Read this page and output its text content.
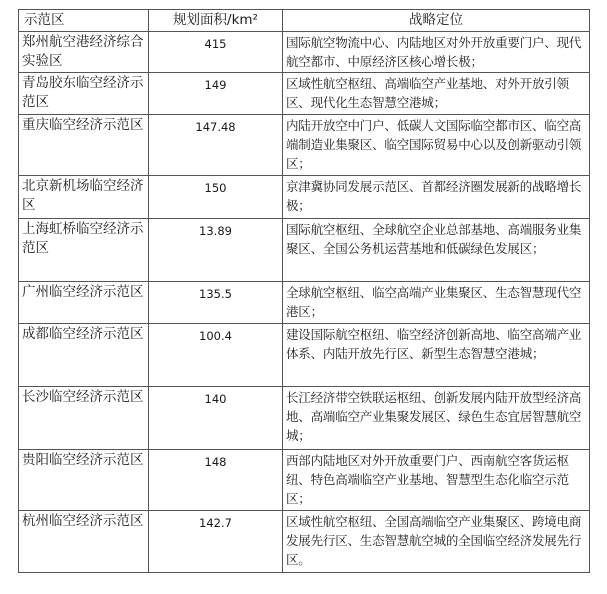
示范区	规划面积/km²	战略定位
郑州航空港经济综合实验区	415	国际航空物流中心、内陆地区对外开放重要门户、现代航空都市、中原经济区核心增长极；
青岛胶东临空经济示范区	149	区域性航空枢纽、高端临空产业基地、对外开放引领区、现代化生态智慧空港城；
重庆临空经济示范区	147.48	内陆开放空中门户、低碳人文国际临空都市区、临空高端制造业集聚区、临空国际贸易中心以及创新驱动引领区；
北京新机场临空经济区	150	京津冀协同发展示范区、首都经济圈发展新的战略增长极；
上海虹桥临空经济示范区	13.89	国际航空枢纽、全球航空企业总部基地、高端服务业集聚区、全国公务机运营基地和低碳绿色发展区；
广州临空经济示范区	135.5	全球航空枢纽、临空高端产业集聚区、生态智慧现代空港区；
成都临空经济示范区	100.4	建设国际航空枢纽、临空经济创新高地、临空高端产业体系、内陆开放先行区、新型生态智慧空港城；
长沙临空经济示范区	140	长江经济带空铁联运枢纽、创新发展内陆开放型经济高地、高端临空产业集聚发展区、绿色生态宜居智慧航空城；
贵阳临空经济示范区	148	西部内陆地区对外开放重要门户、西南航空客货运枢纽、特色高端临空产业基地、智慧型生态化临空示范区；
杭州临空经济示范区	142.7	区域性航空枢纽、全国高端临空产业集聚区、跨境电商发展先行区、生态智慧航空城的全国临空经济发展先行区。
